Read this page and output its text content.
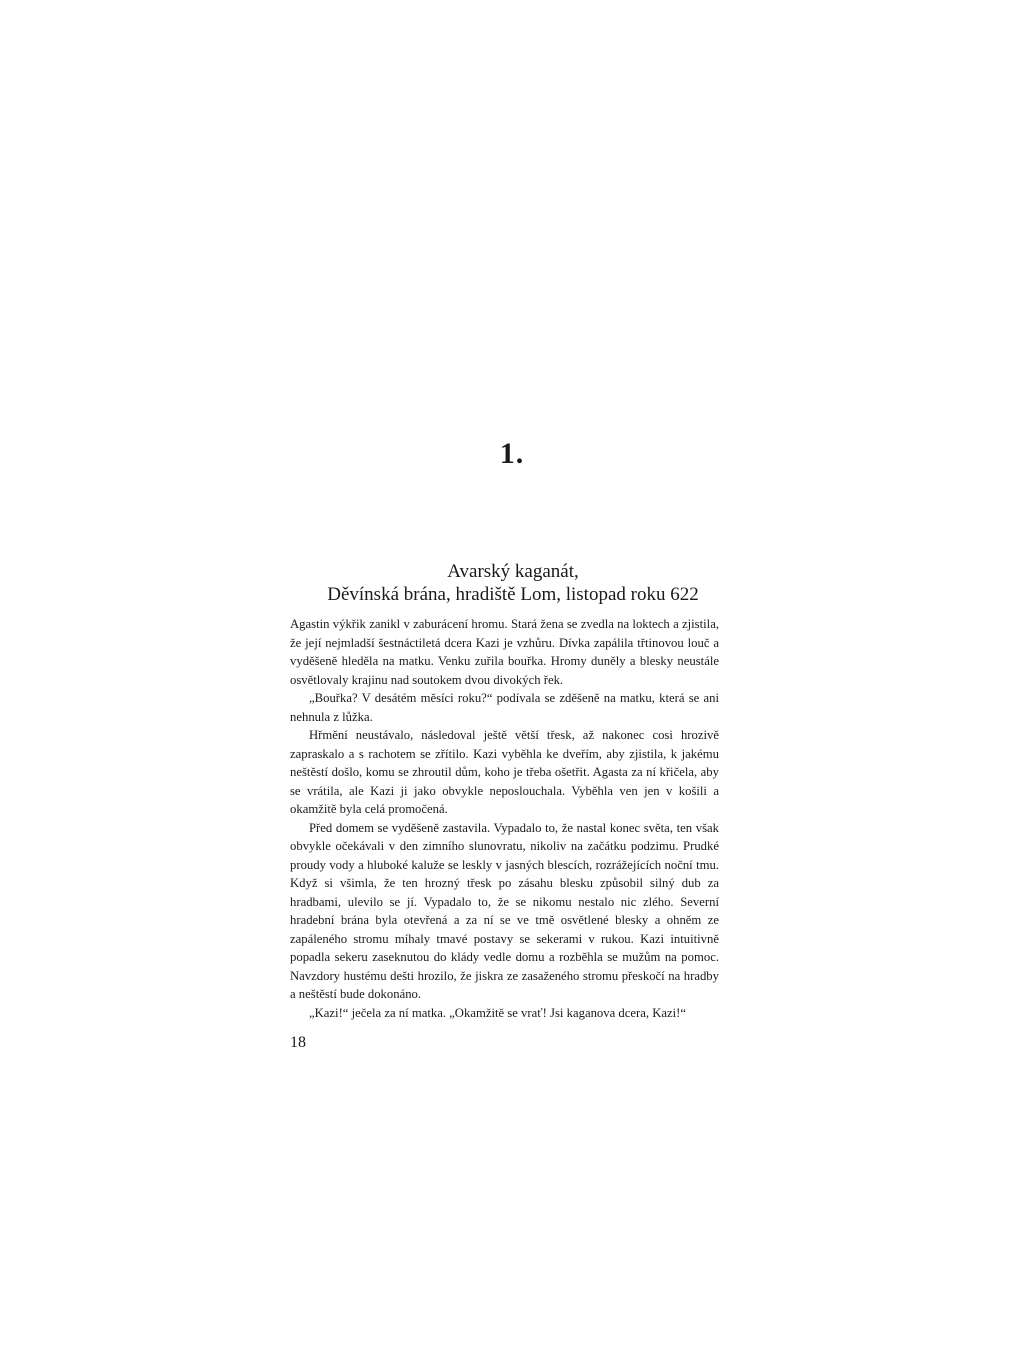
1.
Avarský kaganát,
Děvínská brána, hradiště Lom, listopad roku 622

Agastin výkřik zanikl v zaburácení hromu. Stará žena se zvedla na loktech a zjistila, že její nejmladší šestnáctiletá dcera Kazi je vzhůru. Dívka zapálila třtinovou louč a vyděšeně hleděla na matku. Venku zuřila bouřka. Hromy duněly a blesky neustále osvětlovaly krajinu nad soutokem dvou divokých řek.

„Bouřka? V desátém měsíci roku?“ podívala se zděšeně na matku, která se ani nehnula z lůžka.

Hřmění neustávalo, následoval ještě větší třesk, až nakonec cosi hrozivě zapraskalo a s rachotem se zřítilo. Kazi vyběhla ke dveřím, aby zjistila, k jakému neštěstí došlo, komu se zhroutil dům, koho je třeba ošetřit. Agasta za ní křičela, aby se vrátila, ale Kazi ji jako obvykle neposlouchala. Vyběhla ven jen v košili a okamžitě byla celá promočená.

Před domem se vyděšeně zastavila. Vypadalo to, že nastal konec světa, ten však obvykle očekávali v den zimního slunovratu, nikoliv na začátku podzimu. Prudké proudy vody a hluboké kaluže se leskly v jasných blescích, rozrážejících noční tmu. Když si všimla, že ten hrozný třesk po zásahu blesku způsobil silný dub za hradbami, ulevilo se jí. Vypadalo to, že se nikomu nestalo nic zlého. Severní hradební brána byla otevřená a za ní se ve tmě osvětlené blesky a ohněm ze zapáleného stromu míhaly tmavé postavy se sekerami v rukou. Kazi intuitivně popadla sekeru zaseknutou do klády vedle domu a rozběhla se mužům na pomoc. Navzdory hustému dešti hrozilo, že jiskra ze zasaženého stromu přeskočí na hradby a neštěstí bude dokonáno.

„Kazi!“ ječela za ní matka. „Okamžitě se vrať! Jsi kaganova dcera, Kazi!“

18
